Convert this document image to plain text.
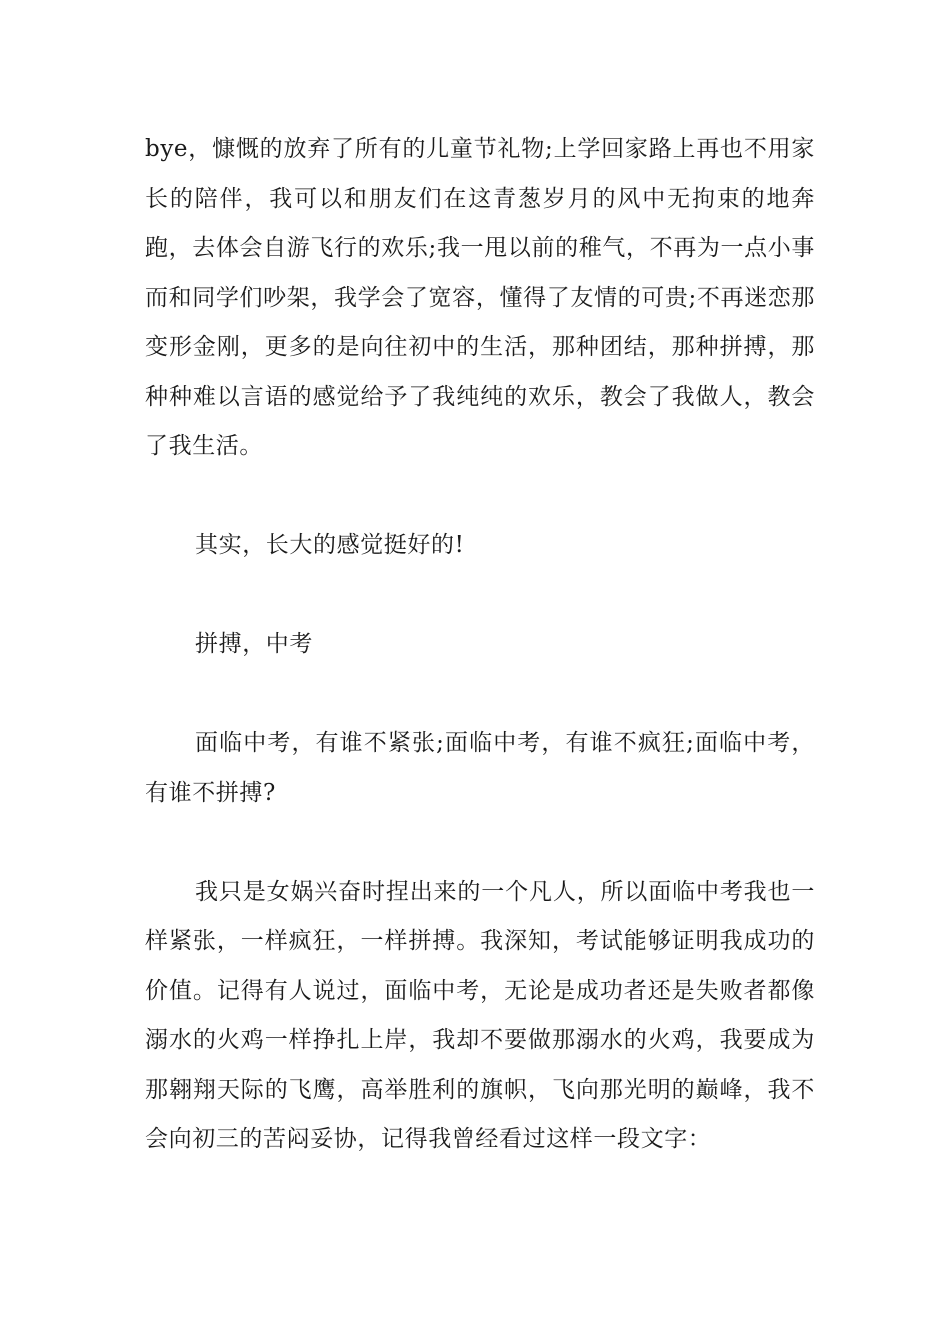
bye，慷慨的放弃了所有的儿童节礼物;上学回家路上再也不用家长的陪伴，我可以和朋友们在这青葱岁月的风中无拘束的地奔跑，去体会自游飞行的欢乐;我一甩以前的稚气，不再为一点小事而和同学们吵架，我学会了宽容，懂得了友情的可贵;不再迷恋那变形金刚，更多的是向往初中的生活，那种团结，那种拼搏，那种种难以言语的感觉给予了我纯纯的欢乐，教会了我做人，教会了我生活。

其实，长大的感觉挺好的!

拼搏，中考

面临中考，有谁不紧张;面临中考，有谁不疯狂;面临中考，有谁不拼搏?

我只是女娲兴奋时捏出来的一个凡人，所以面临中考我也一样紧张，一样疯狂，一样拼搏。我深知，考试能够证明我成功的价值。记得有人说过，面临中考，无论是成功者还是失败者都像溺水的火鸡一样挣扎上岸，我却不要做那溺水的火鸡，我要成为那翱翔天际的飞鹰，高举胜利的旗帜，飞向那光明的巅峰，我不会向初三的苦闷妥协，记得我曾经看过这样一段文字：
